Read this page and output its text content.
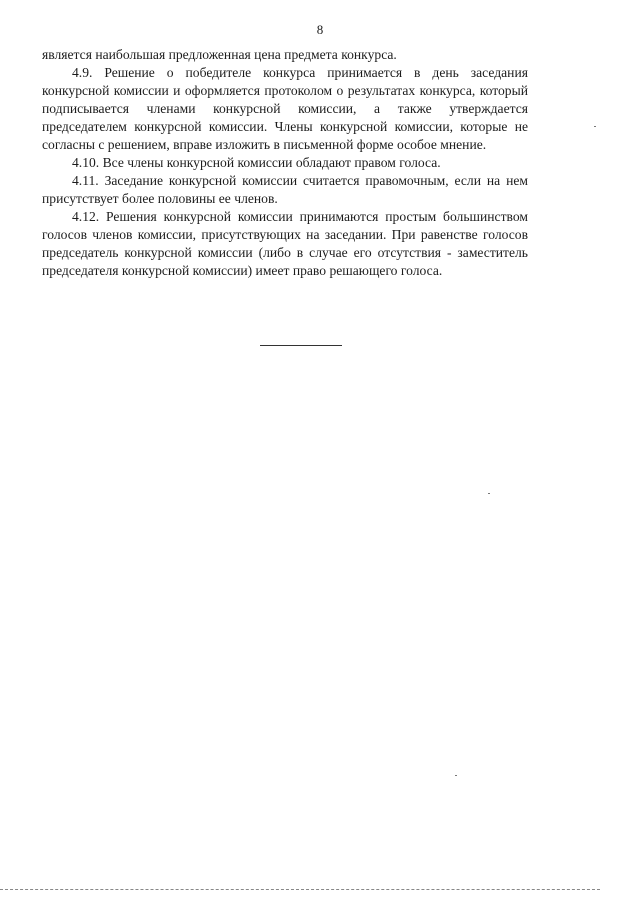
8

является наибольшая предложенная цена предмета конкурса.

4.9. Решение о победителе конкурса принимается в день заседания конкурсной комиссии и оформляется протоколом о результатах конкурса, который подписывается членами конкурсной комиссии, а также утверждается председателем конкурсной комиссии. Члены конкурсной комиссии, которые не согласны с решением, вправе изложить в письменной форме особое мнение.

4.10. Все члены конкурсной комиссии обладают правом голоса.

4.11. Заседание конкурсной комиссии считается правомочным, если на нем присутствует более половины ее членов.

4.12. Решения конкурсной комиссии принимаются простым большинством голосов членов комиссии, присутствующих на заседании. При равенстве голосов председатель конкурсной комиссии (либо в случае его отсутствия - заместитель председателя конкурсной комиссии) имеет право решающего голоса.
